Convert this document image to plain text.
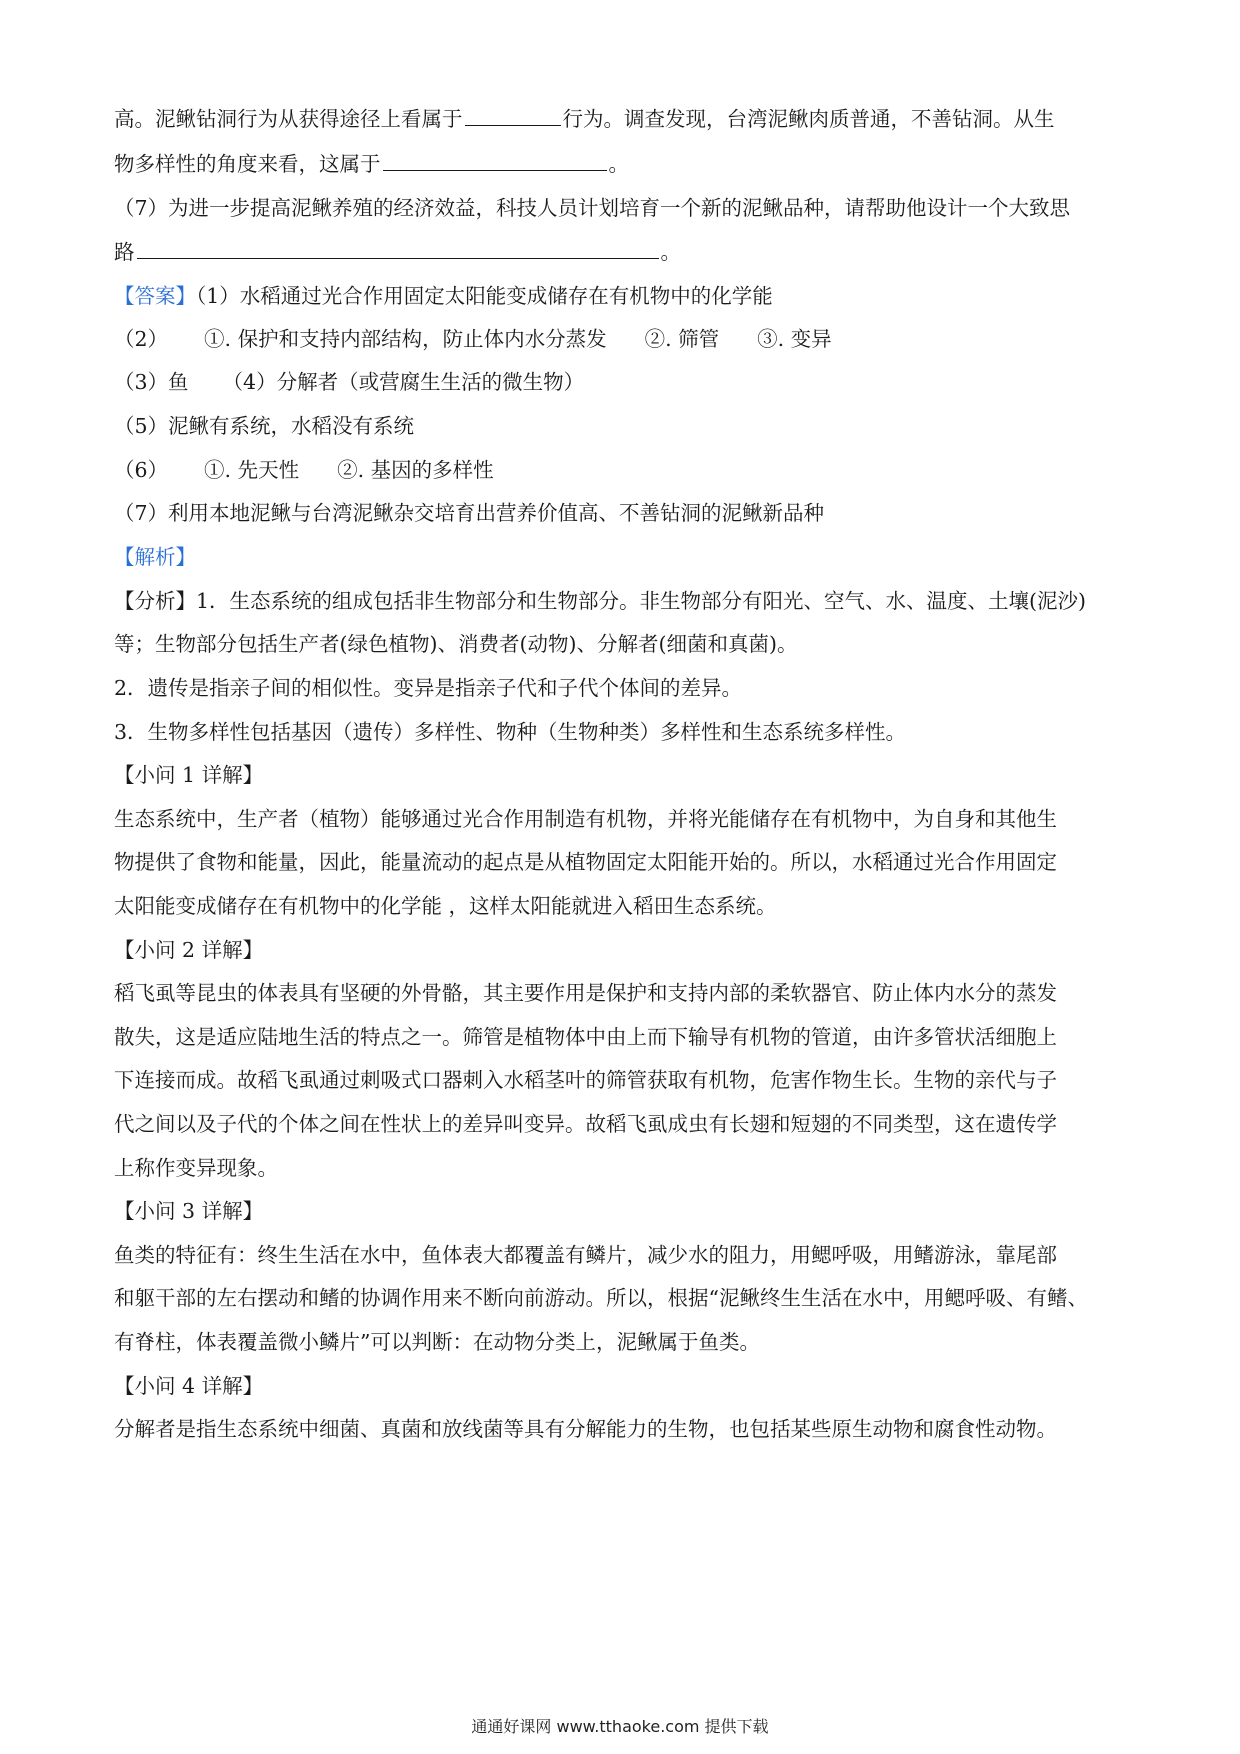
高。泥鳅钻洞行为从获得途径上看属于	行为。调查发现，台湾泥鳅肉质普通，不善钻洞。从生
物多样性的角度来看，这属于	。
（7）为进一步提高泥鳅养殖的经济效益，科技人员计划培育一个新的泥鳅品种，请帮助他设计一个大致思
路	。
【答案】（1）水稻通过光合作用固定太阳能变成储存在有机物中的化学能
（2） ①. 保护和支持内部结构，防止体内水分蒸发 ②. 筛管 ③. 变异
（3）鱼 （4）分解者（或营腐生生活的微生物）
（5）泥鳅有系统，水稻没有系统
（6） ①. 先天性 ②. 基因的多样性
（7）利用本地泥鳅与台湾泥鳅杂交培育出营养价值高、不善钻洞的泥鳅新品种
【解析】
【分析】1．生态系统的组成包括非生物部分和生物部分。非生物部分有阳光、空气、水、温度、土壤(泥沙)
等；生物部分包括生产者(绿色植物)、消费者(动物)、分解者(细菌和真菌)。
2．遗传是指亲子间的相似性。变异是指亲子代和子代个体间的差异。
3．生物多样性包括基因（遗传）多样性、物种（生物种类）多样性和生态系统多样性。
【小问 1 详解】
生态系统中，生产者（植物）能够通过光合作用制造有机物，并将光能储存在有机物中，为自身和其他生
物提供了食物和能量，因此，能量流动的起点是从植物固定太阳能开始的。所以，水稻通过光合作用固定
太阳能变成储存在有机物中的化学能 ，这样太阳能就进入稻田生态系统。
【小问 2 详解】
稻飞虱等昆虫的体表具有坚硬的外骨骼，其主要作用是保护和支持内部的柔软器官、防止体内水分的蒸发
散失，这是适应陆地生活的特点之一。筛管是植物体中由上而下输导有机物的管道，由许多管状活细胞上
下连接而成。故稻飞虱通过刺吸式口器刺入水稻茎叶的筛管获取有机物，危害作物生长。生物的亲代与子
代之间以及子代的个体之间在性状上的差异叫变异。故稻飞虱成虫有长翅和短翅的不同类型，这在遗传学
上称作变异现象。
【小问 3 详解】
鱼类的特征有：终生生活在水中，鱼体表大都覆盖有鳞片，减少水的阻力，用鳃呼吸，用鳍游泳，靠尾部
和躯干部的左右摆动和鳍的协调作用来不断向前游动。所以，根据“泥鳅终生生活在水中，用鳃呼吸、有鳍、
有脊柱，体表覆盖微小鳞片”可以判断：在动物分类上，泥鳅属于鱼类。
【小问 4 详解】
分解者是指生态系统中细菌、真菌和放线菌等具有分解能力的生物，也包括某些原生动物和腐食性动物。
通通好课网 www.tthaoke.com 提供下载
